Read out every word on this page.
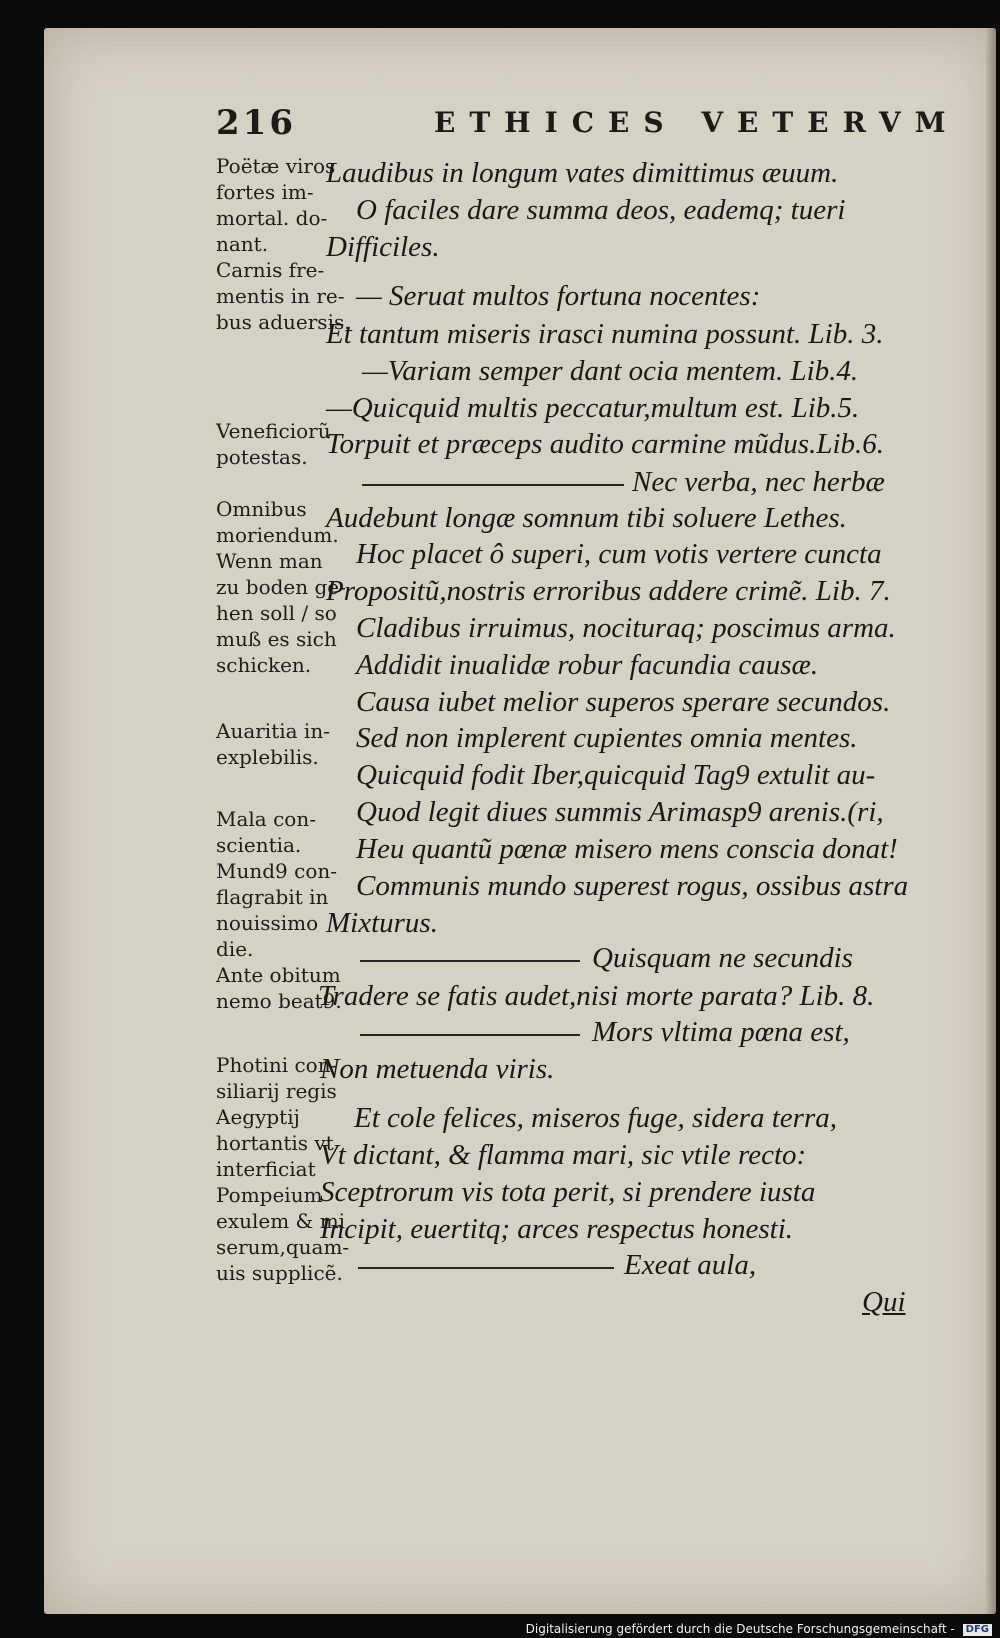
216	ETHICES VETERVM
Poëtæ viros
fortes im-
mortal. do-
nant.
Carnis fre-
mentis in re-
bus aduersis.
Veneficiorũ
potestas.
Omnibus
moriendum.
Wenn man
zu boden ge-
hen soll / so
muß es sich
schicken.
Auaritia in-
explebilis.
Mala con-
scientia.
Mund9 con-
flagrabit in
nouissimo
die.
Ante obitum
nemo beat9.
Photini con-
siliarij regis
Aegyptij
hortantis vt
interficiat
Pompeium
exulem & mi
serum,quam-
uis supplicẽ.
Laudibus in longum vates dimittimus æuum.
O faciles dare summa deos, eademq; tueri
Difficiles.
— Seruat multos fortuna nocentes:
Et tantum miseris irasci numina possunt. Lib. 3.
—Variam semper dant ocia mentem. Lib.4.
—Quicquid multis peccatur,multum est. Lib.5.
Torpuit et præceps audito carmine mũdus.Lib.6.
Nec verba, nec herbæ
Audebunt longæ somnum tibi soluere Lethes.
Hoc placet ô superi, cum votis vertere cuncta
Propositũ,nostris erroribus addere crimẽ. Lib. 7.
Cladibus irruimus, nocituraq; poscimus arma.
Addidit inualidæ robur facundia causæ.
Causa iubet melior superos sperare secundos.
Sed non implerent cupientes omnia mentes.
Quicquid fodit Iber,quicquid Tag9 extulit au-
Quod legit diues summis Arimasp9 arenis.(ri,
Heu quantũ pœnæ misero mens conscia donat!
Communis mundo superest rogus, ossibus astra
Mixturus.
Quisquam ne secundis
Tradere se fatis audet,nisi morte parata? Lib. 8.
Mors vltima pœna est,
Non metuenda viris.
Et cole felices, miseros fuge, sidera terra,
Vt dictant, & flamma mari, sic vtile recto:
Sceptrorum vis tota perit, si prendere iusta
Incipit, euertitq; arces respectus honesti.
Exeat aula,
Qui
Digitalisierung gefördert durch die Deutsche Forschungsgemeinschaft - DFG
